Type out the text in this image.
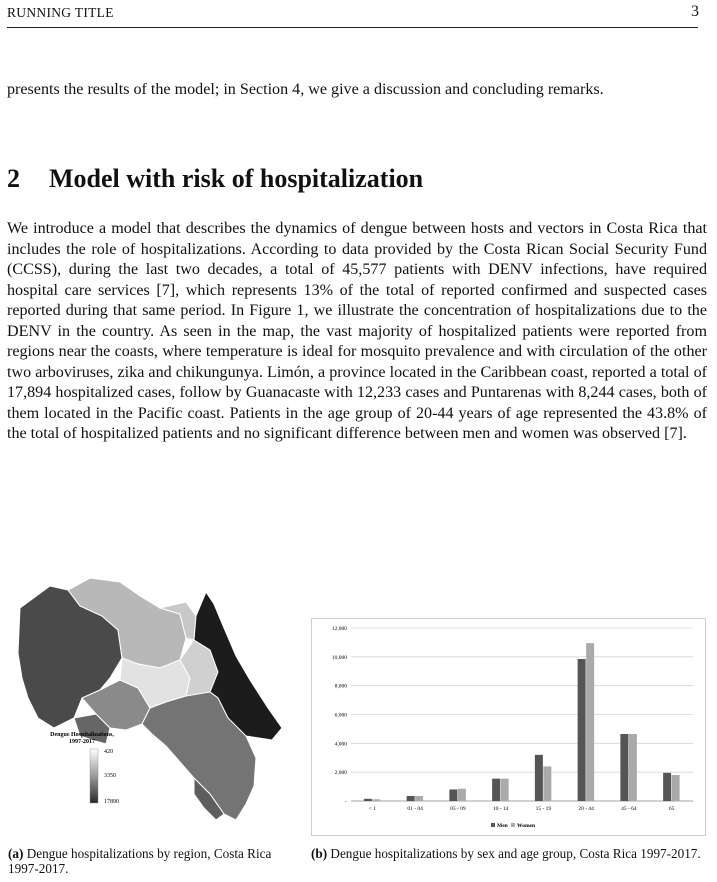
RUNNING TITLE	3

presents the results of the model; in Section 4, we give a discussion and concluding remarks.

2 Model with risk of hospitalization

We introduce a model that describes the dynamics of dengue between hosts and vectors in Costa Rica that includes the role of hospitalizations. According to data provided by the Costa Rican Social Security Fund (CCSS), during the last two decades, a total of 45,577 patients with DENV infections, have required hospital care services [7], which represents 13% of the total of reported confirmed and suspected cases reported during that same period. In Figure 1, we illustrate the concentration of hospitalizations due to the DENV in the country. As seen in the map, the vast majority of hospitalized patients were reported from regions near the coasts, where temperature is ideal for mosquito prevalence and with circulation of the other two arboviruses, zika and chikungunya. Limón, a province located in the Caribbean coast, reported a total of 17,894 hospitalized cases, follow by Guanacaste with 12,233 cases and Puntarenas with 8,244 cases, both of them located in the Pacific coast. Patients in the age group of 20-44 years of age represented the 43.8% of the total of hospitalized patients and no significant difference between men and women was observed [7].

Dengue Hospitalizations,
1997-2017
420
3350
17890
12,000
10,000
8,000
6,000
4,000
2,000
-
< 1	01 - 04	05 - 09	10 - 14	15 - 19	20 - 44	45 - 64	65
Men Women
(a) Dengue hospitalizations by region, Costa Rica 1997-2017.
(b) Dengue hospitalizations by sex and age group, Costa Rica 1997-2017.
